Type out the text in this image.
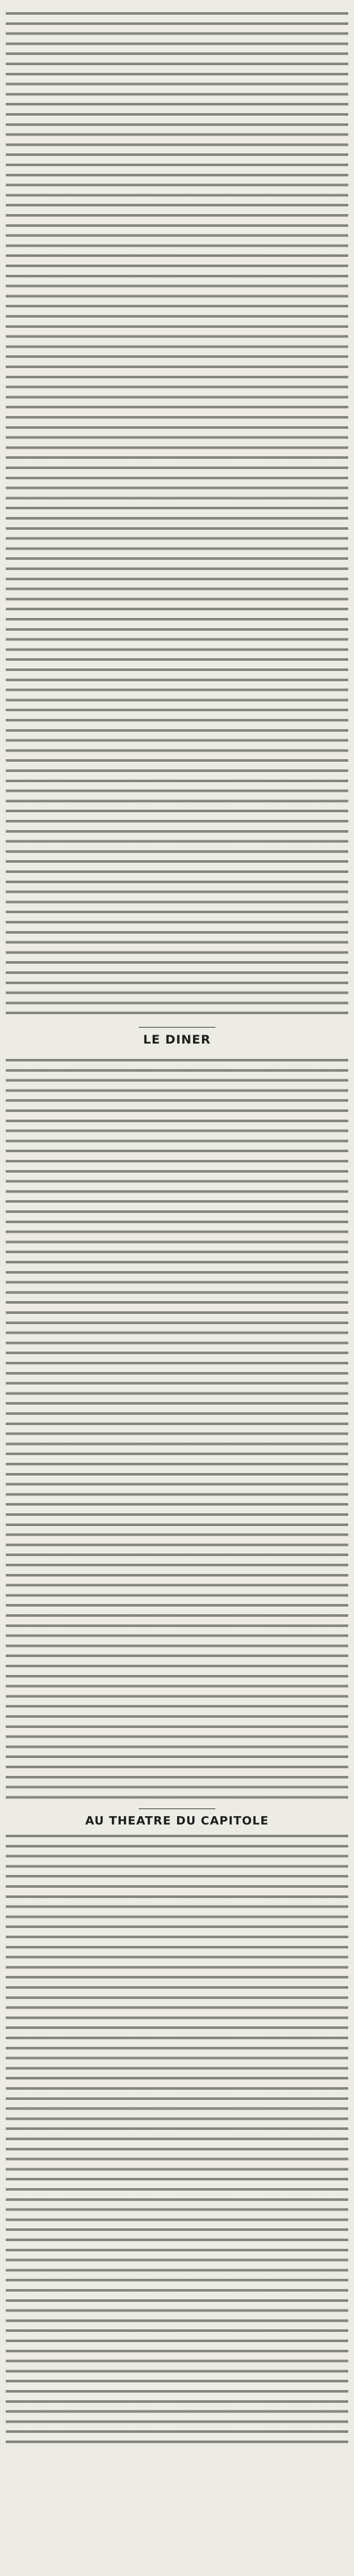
LE DINER
AU THEATRE DU CAPITOLE
